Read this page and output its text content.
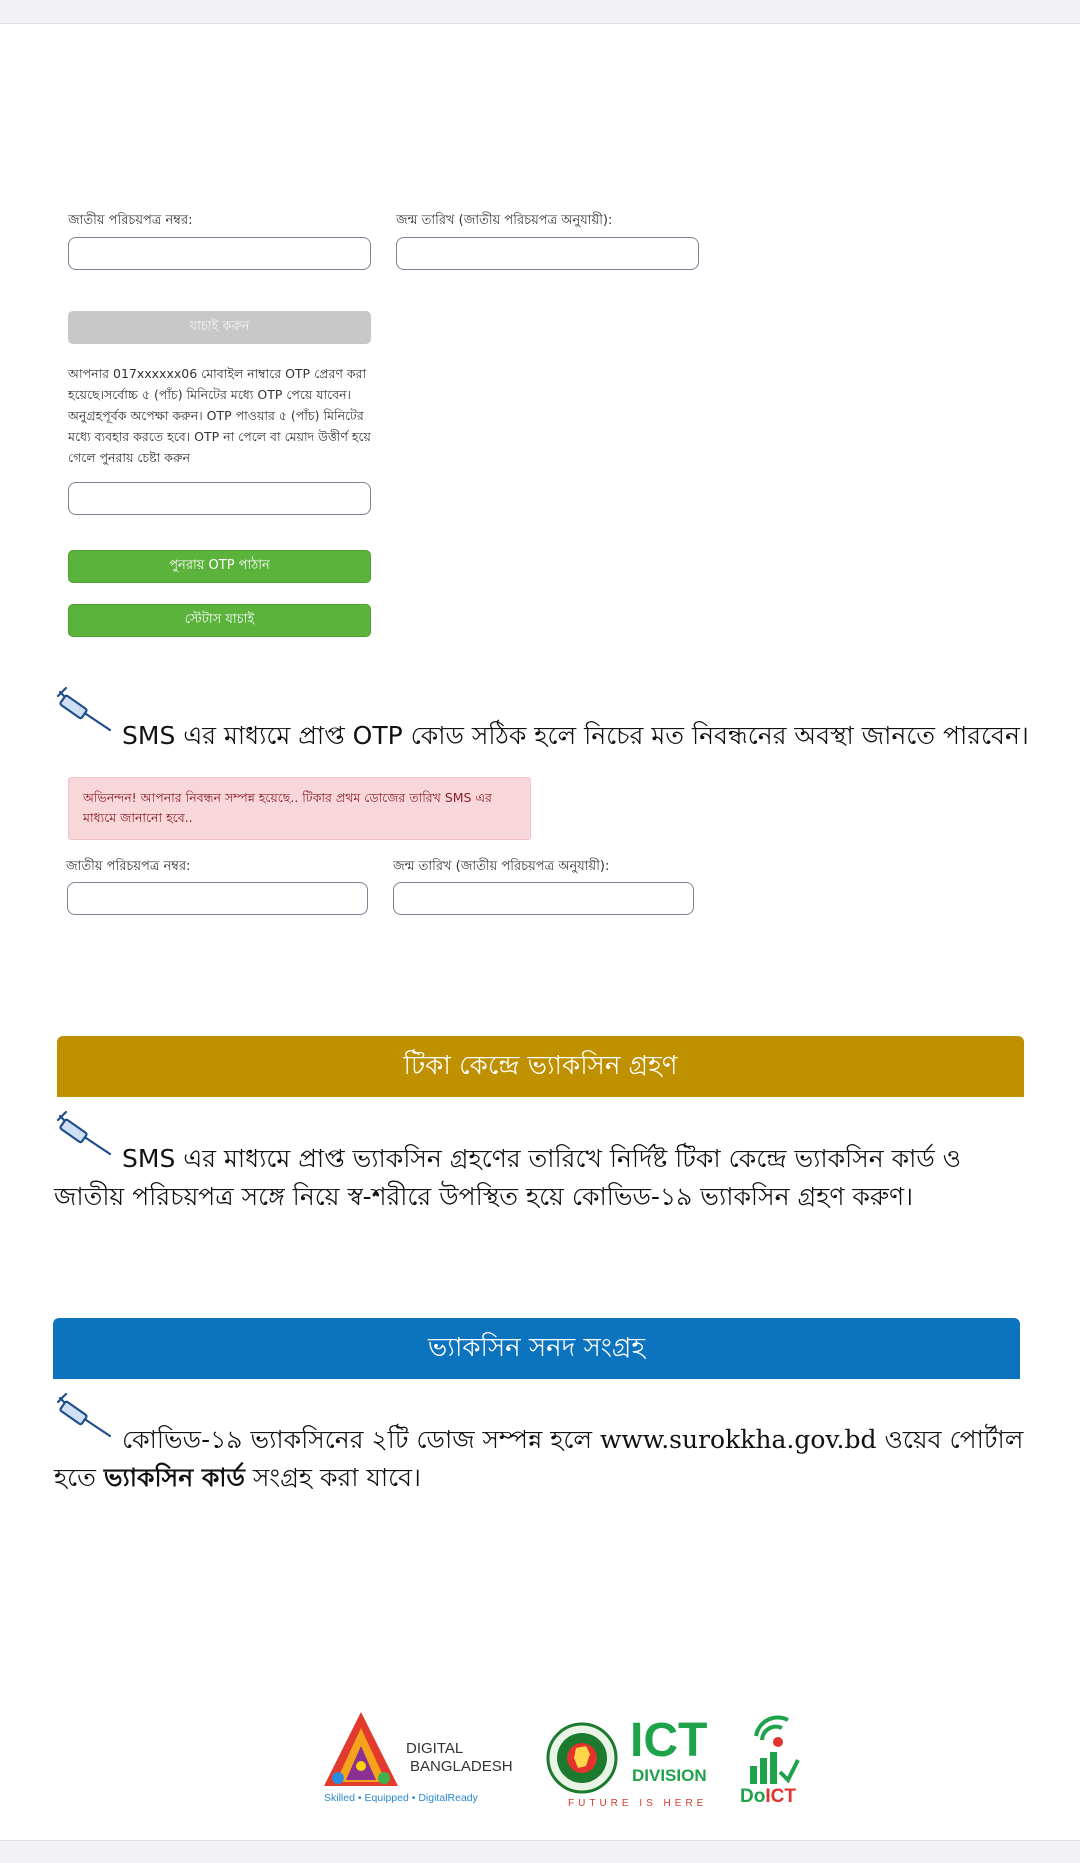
জাতীয় পরিচয়পত্র নম্বর:	জন্ম তারিখ (জাতীয় পরিচয়পত্র অনুযায়ী):
যাচাই করুন
আপনার 017xxxxxx06 মোবাইল নাম্বারে OTP প্রেরণ করা হয়েছে।সর্বোচ্চ ৫ (পাঁচ) মিনিটের মধ্যে OTP পেয়ে যাবেন। অনুগ্রহপূর্বক অপেক্ষা করুন। OTP পাওয়ার ৫ (পাঁচ) মিনিটের মধ্যে ব্যবহার করতে হবে। OTP না পেলে বা মেয়াদ উত্তীর্ণ হয়ে গেলে পুনরায় চেষ্টা করুন
পুনরায় OTP পাঠান
স্টেটাস যাচাই
SMS এর মাধ্যমে প্রাপ্ত OTP কোড সঠিক হলে নিচের মত নিবন্ধনের অবস্থা জানতে পারবেন।
অভিনন্দন! আপনার নিবন্ধন সম্পন্ন হয়েছে.. টিকার প্রথম ডোজের তারিখ SMS এর মাধ্যমে জানানো হবে..
জাতীয় পরিচয়পত্র নম্বর:	জন্ম তারিখ (জাতীয় পরিচয়পত্র অনুযায়ী):
টিকা কেন্দ্রে ভ্যাকসিন গ্রহণ
SMS এর মাধ্যমে প্রাপ্ত ভ্যাকসিন গ্রহণের তারিখে নির্দিষ্ট টিকা কেন্দ্রে ভ্যাকসিন কার্ড ও জাতীয় পরিচয়পত্র সঙ্গে নিয়ে স্ব-শরীরে উপস্থিত হয়ে কোভিড-১৯ ভ্যাকসিন গ্রহণ করুণ।
ভ্যাকসিন সনদ সংগ্রহ
কোভিড-১৯ ভ্যাকসিনের ২টি ডোজ সম্পন্ন হলে www.surokkha.gov.bd ওয়েব পোর্টাল হতে ভ্যাকসিন কার্ড সংগ্রহ করা যাবে।
DIGITAL
BANGLADESH
Skilled • Equipped • DigitalReady
ICT
DIVISION
FUTURE IS HERE DoICT
